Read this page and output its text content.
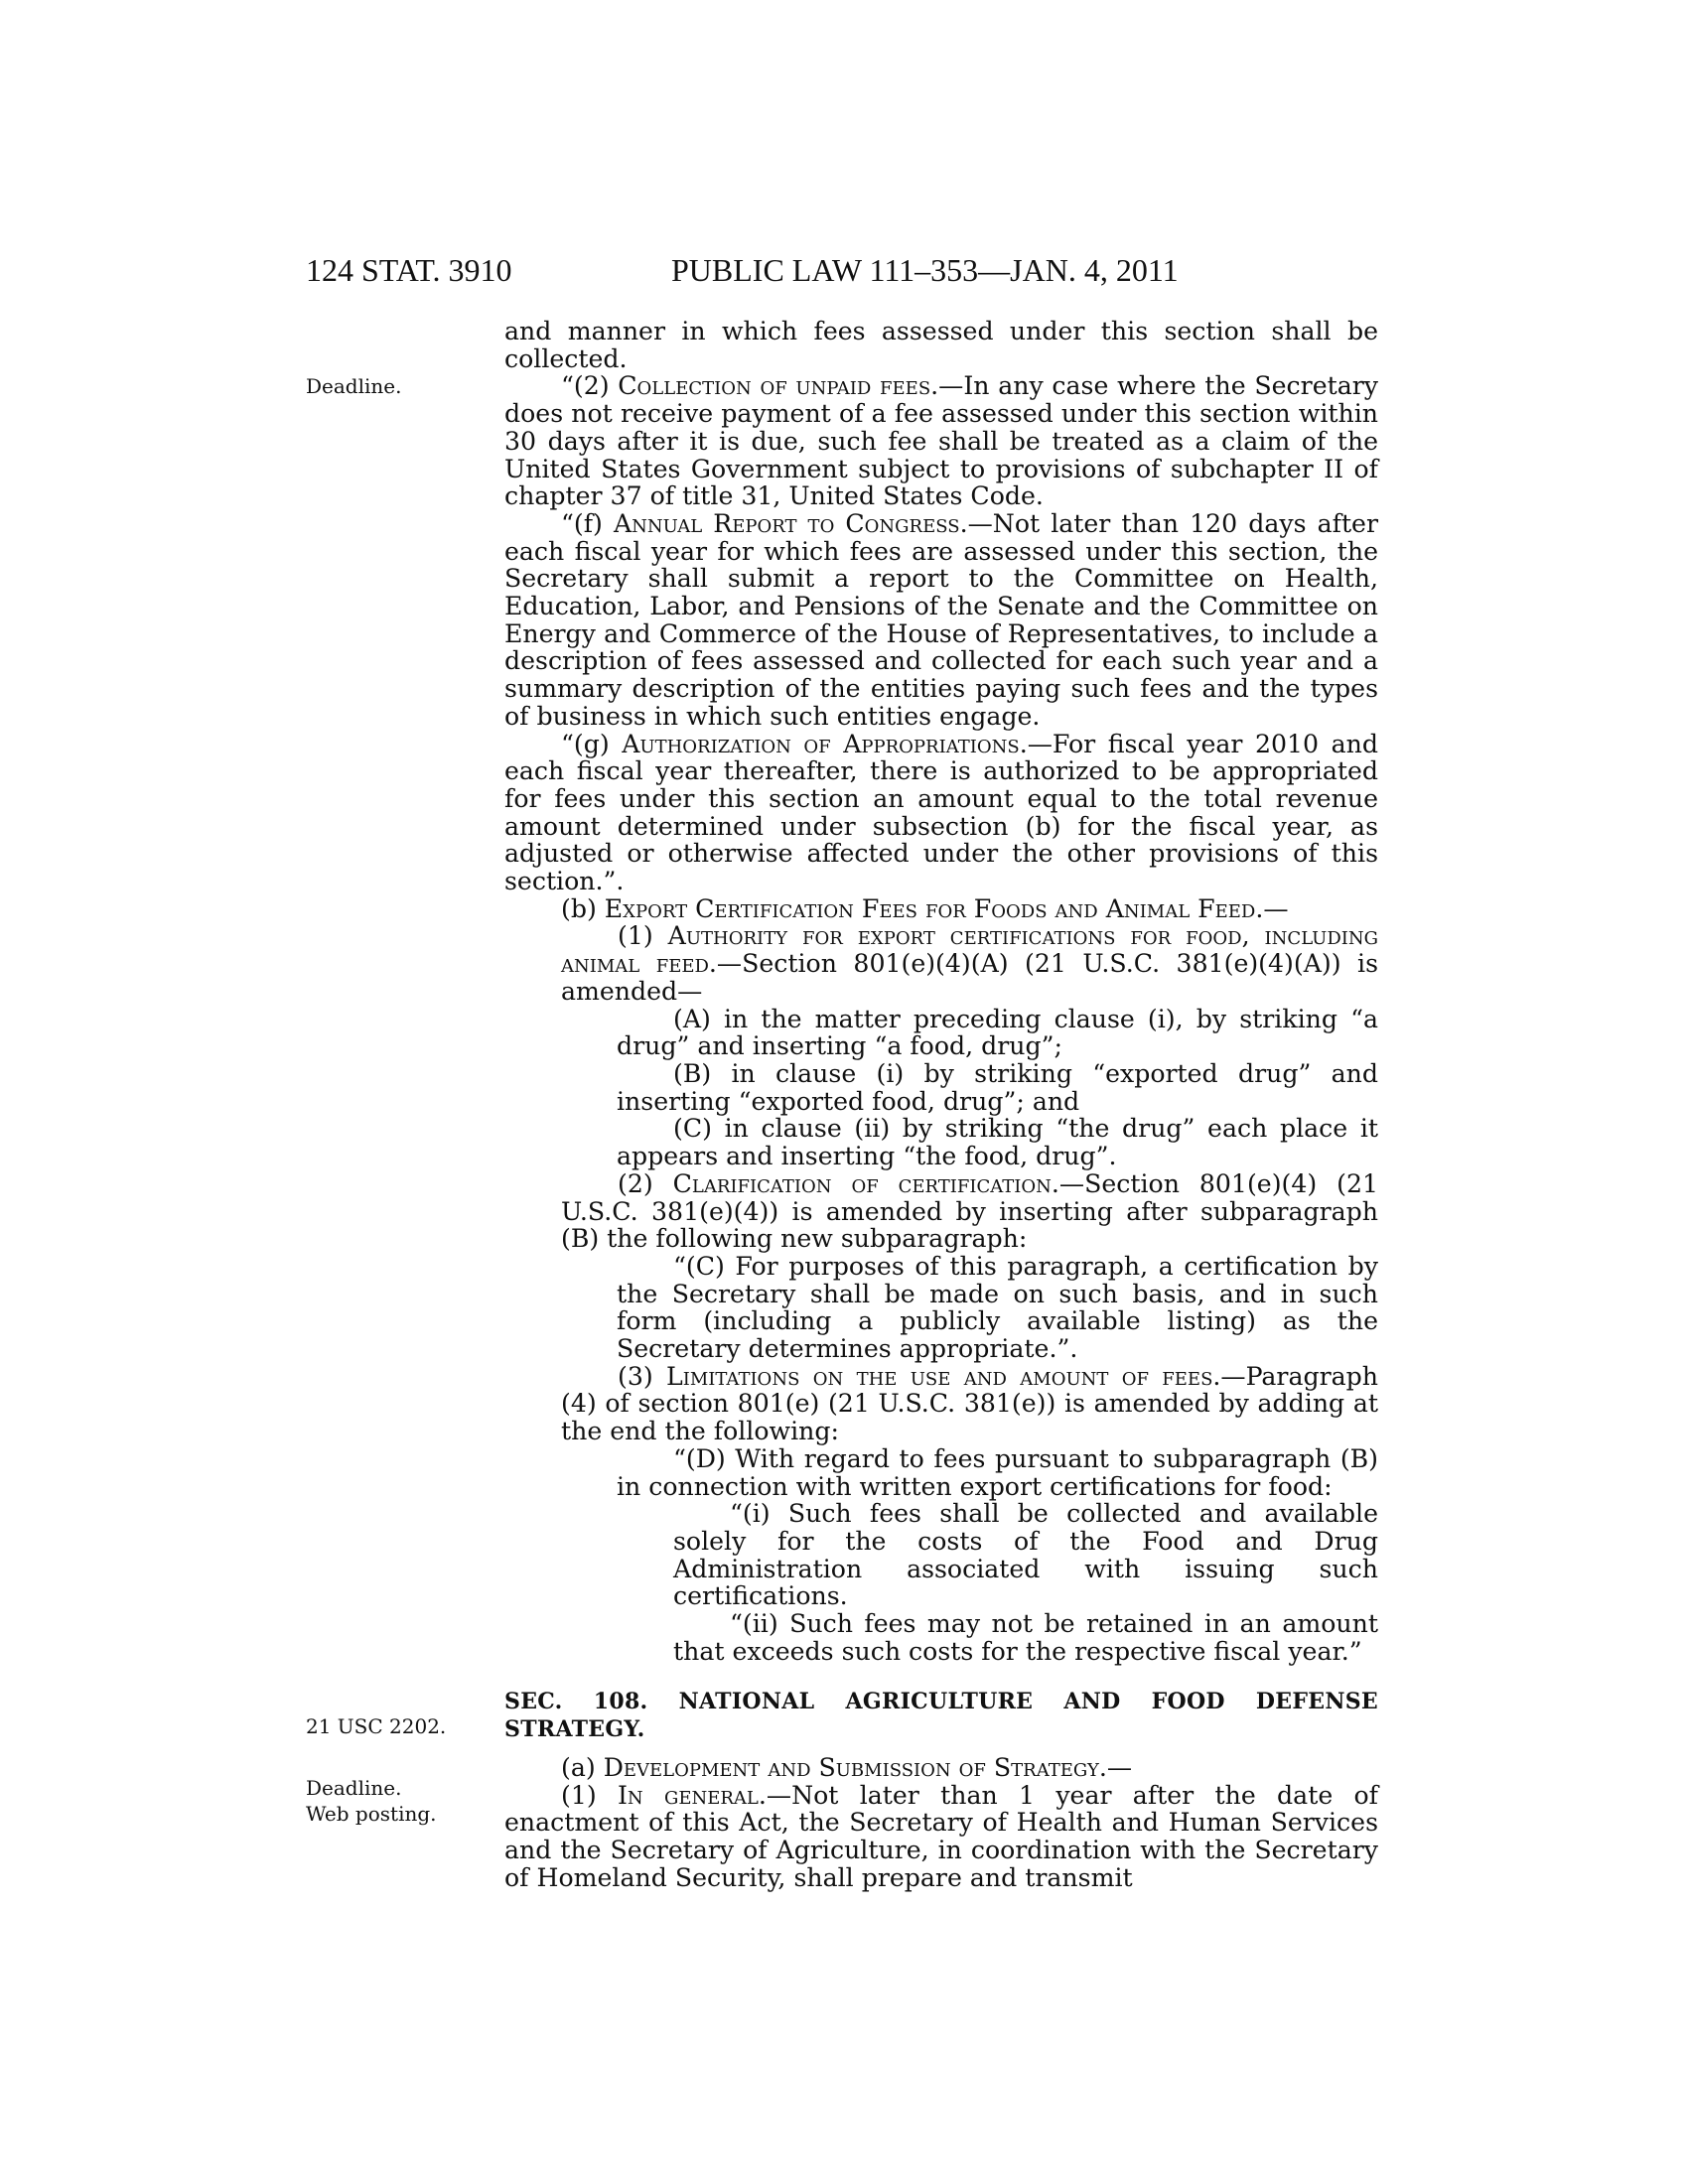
124 STAT. 3910	PUBLIC LAW 111–353—JAN. 4, 2011
Deadline.
21 USC 2202.
Deadline.
Web posting.

and manner in which fees assessed under this section shall be collected.

“(2) Collection of unpaid fees.—In any case where the Secretary does not receive payment of a fee assessed under this section within 30 days after it is due, such fee shall be treated as a claim of the United States Government subject to provisions of subchapter II of chapter 37 of title 31, United States Code.

“(f) Annual Report to Congress.—Not later than 120 days after each fiscal year for which fees are assessed under this section, the Secretary shall submit a report to the Committee on Health, Education, Labor, and Pensions of the Senate and the Committee on Energy and Commerce of the House of Representatives, to include a description of fees assessed and collected for each such year and a summary description of the entities paying such fees and the types of business in which such entities engage.

“(g) Authorization of Appropriations.—For fiscal year 2010 and each fiscal year thereafter, there is authorized to be appropriated for fees under this section an amount equal to the total revenue amount determined under subsection (b) for the fiscal year, as adjusted or otherwise affected under the other provisions of this section.”.

(b) Export Certification Fees for Foods and Animal Feed.—

(1) Authority for export certifications for food, including animal feed.—Section 801(e)(4)(A) (21 U.S.C. 381(e)(4)(A)) is amended—

(A) in the matter preceding clause (i), by striking “a drug” and inserting “a food, drug”;

(B) in clause (i) by striking “exported drug” and inserting “exported food, drug”; and

(C) in clause (ii) by striking “the drug” each place it appears and inserting “the food, drug”.

(2) Clarification of certification.—Section 801(e)(4) (21 U.S.C. 381(e)(4)) is amended by inserting after subparagraph (B) the following new subparagraph:

“(C) For purposes of this paragraph, a certification by the Secretary shall be made on such basis, and in such form (including a publicly available listing) as the Secretary determines appropriate.”.

(3) Limitations on the use and amount of fees.—Paragraph (4) of section 801(e) (21 U.S.C. 381(e)) is amended by adding at the end the following:

“(D) With regard to fees pursuant to subparagraph (B) in connection with written export certifications for food:

“(i) Such fees shall be collected and available solely for the costs of the Food and Drug Administration associated with issuing such certifications.

“(ii) Such fees may not be retained in an amount that exceeds such costs for the respective fiscal year.”

SEC. 108. NATIONAL AGRICULTURE AND FOOD DEFENSE STRATEGY.

(a) Development and Submission of Strategy.—

(1) In general.—Not later than 1 year after the date of enactment of this Act, the Secretary of Health and Human Services and the Secretary of Agriculture, in coordination with the Secretary of Homeland Security, shall prepare and transmit
